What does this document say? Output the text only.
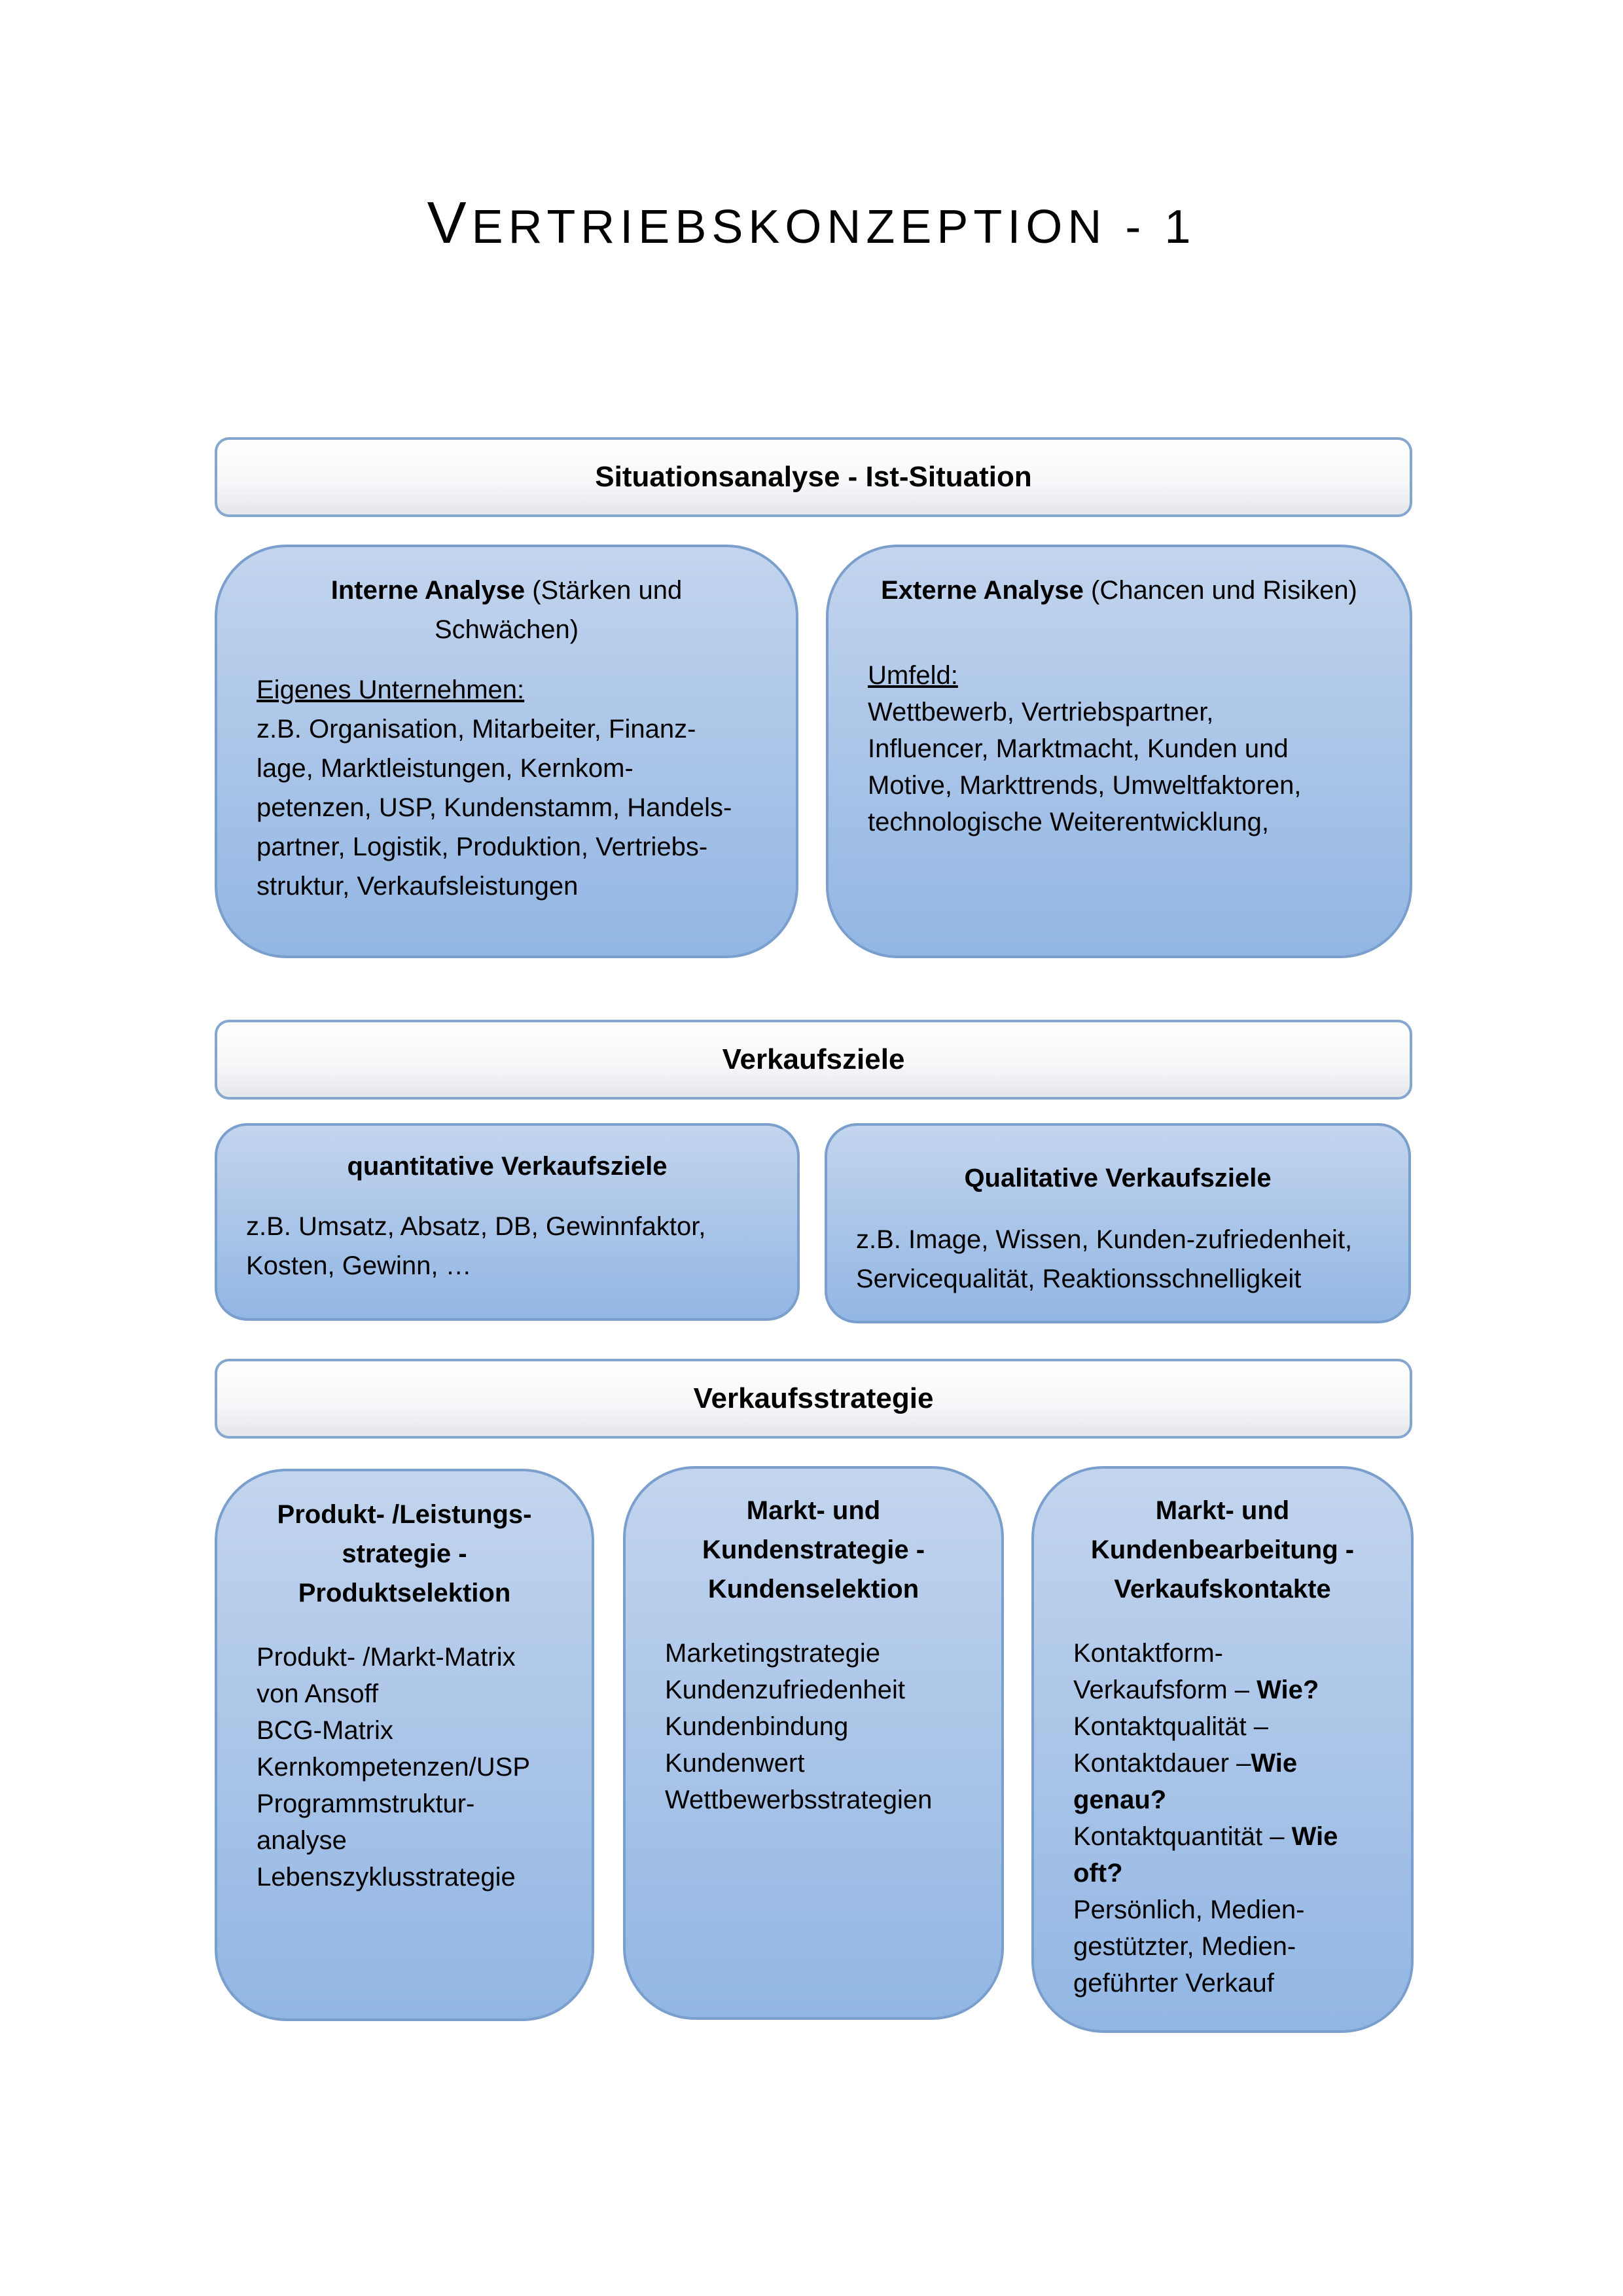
VERTRIEBSKONZEPTION - 1
Situationsanalyse - Ist-Situation
Interne Analyse (Stärken und
Schwächen)
Eigenes Unternehmen:
z.B. Organisation, Mitarbeiter, Finanz-
lage, Marktleistungen, Kernkom-
petenzen, USP, Kundenstamm, Handels-
partner, Logistik, Produktion, Vertriebs-
struktur, Verkaufsleistungen
Externe Analyse (Chancen und Risiken)
Umfeld:
Wettbewerb, Vertriebspartner,
Influencer, Marktmacht, Kunden und
Motive, Markttrends, Umweltfaktoren,
technologische Weiterentwicklung,
Verkaufsziele
quantitative Verkaufsziele
z.B. Umsatz, Absatz, DB, Gewinnfaktor,
Kosten, Gewinn, …
Qualitative Verkaufsziele
z.B. Image, Wissen, Kunden-zufriedenheit,
Servicequalität, Reaktionsschnelligkeit
Verkaufsstrategie
Produkt- /Leistungs-
strategie -
Produktselektion
Produkt- /Markt-Matrix
von Ansoff
BCG-Matrix
Kernkompetenzen/USP
Programmstruktur-
analyse
Lebenszyklusstrategie
Markt- und
Kundenstrategie -
Kundenselektion
Marketingstrategie
Kundenzufriedenheit
Kundenbindung
Kundenwert
Wettbewerbsstrategien
Markt- und
Kundenbearbeitung -
Verkaufskontakte
Kontaktform-
Verkaufsform – Wie?
Kontaktqualität –
Kontaktdauer –Wie
genau?
Kontaktquantität – Wie
oft?
Persönlich, Medien-
gestützter, Medien-
geführter Verkauf
